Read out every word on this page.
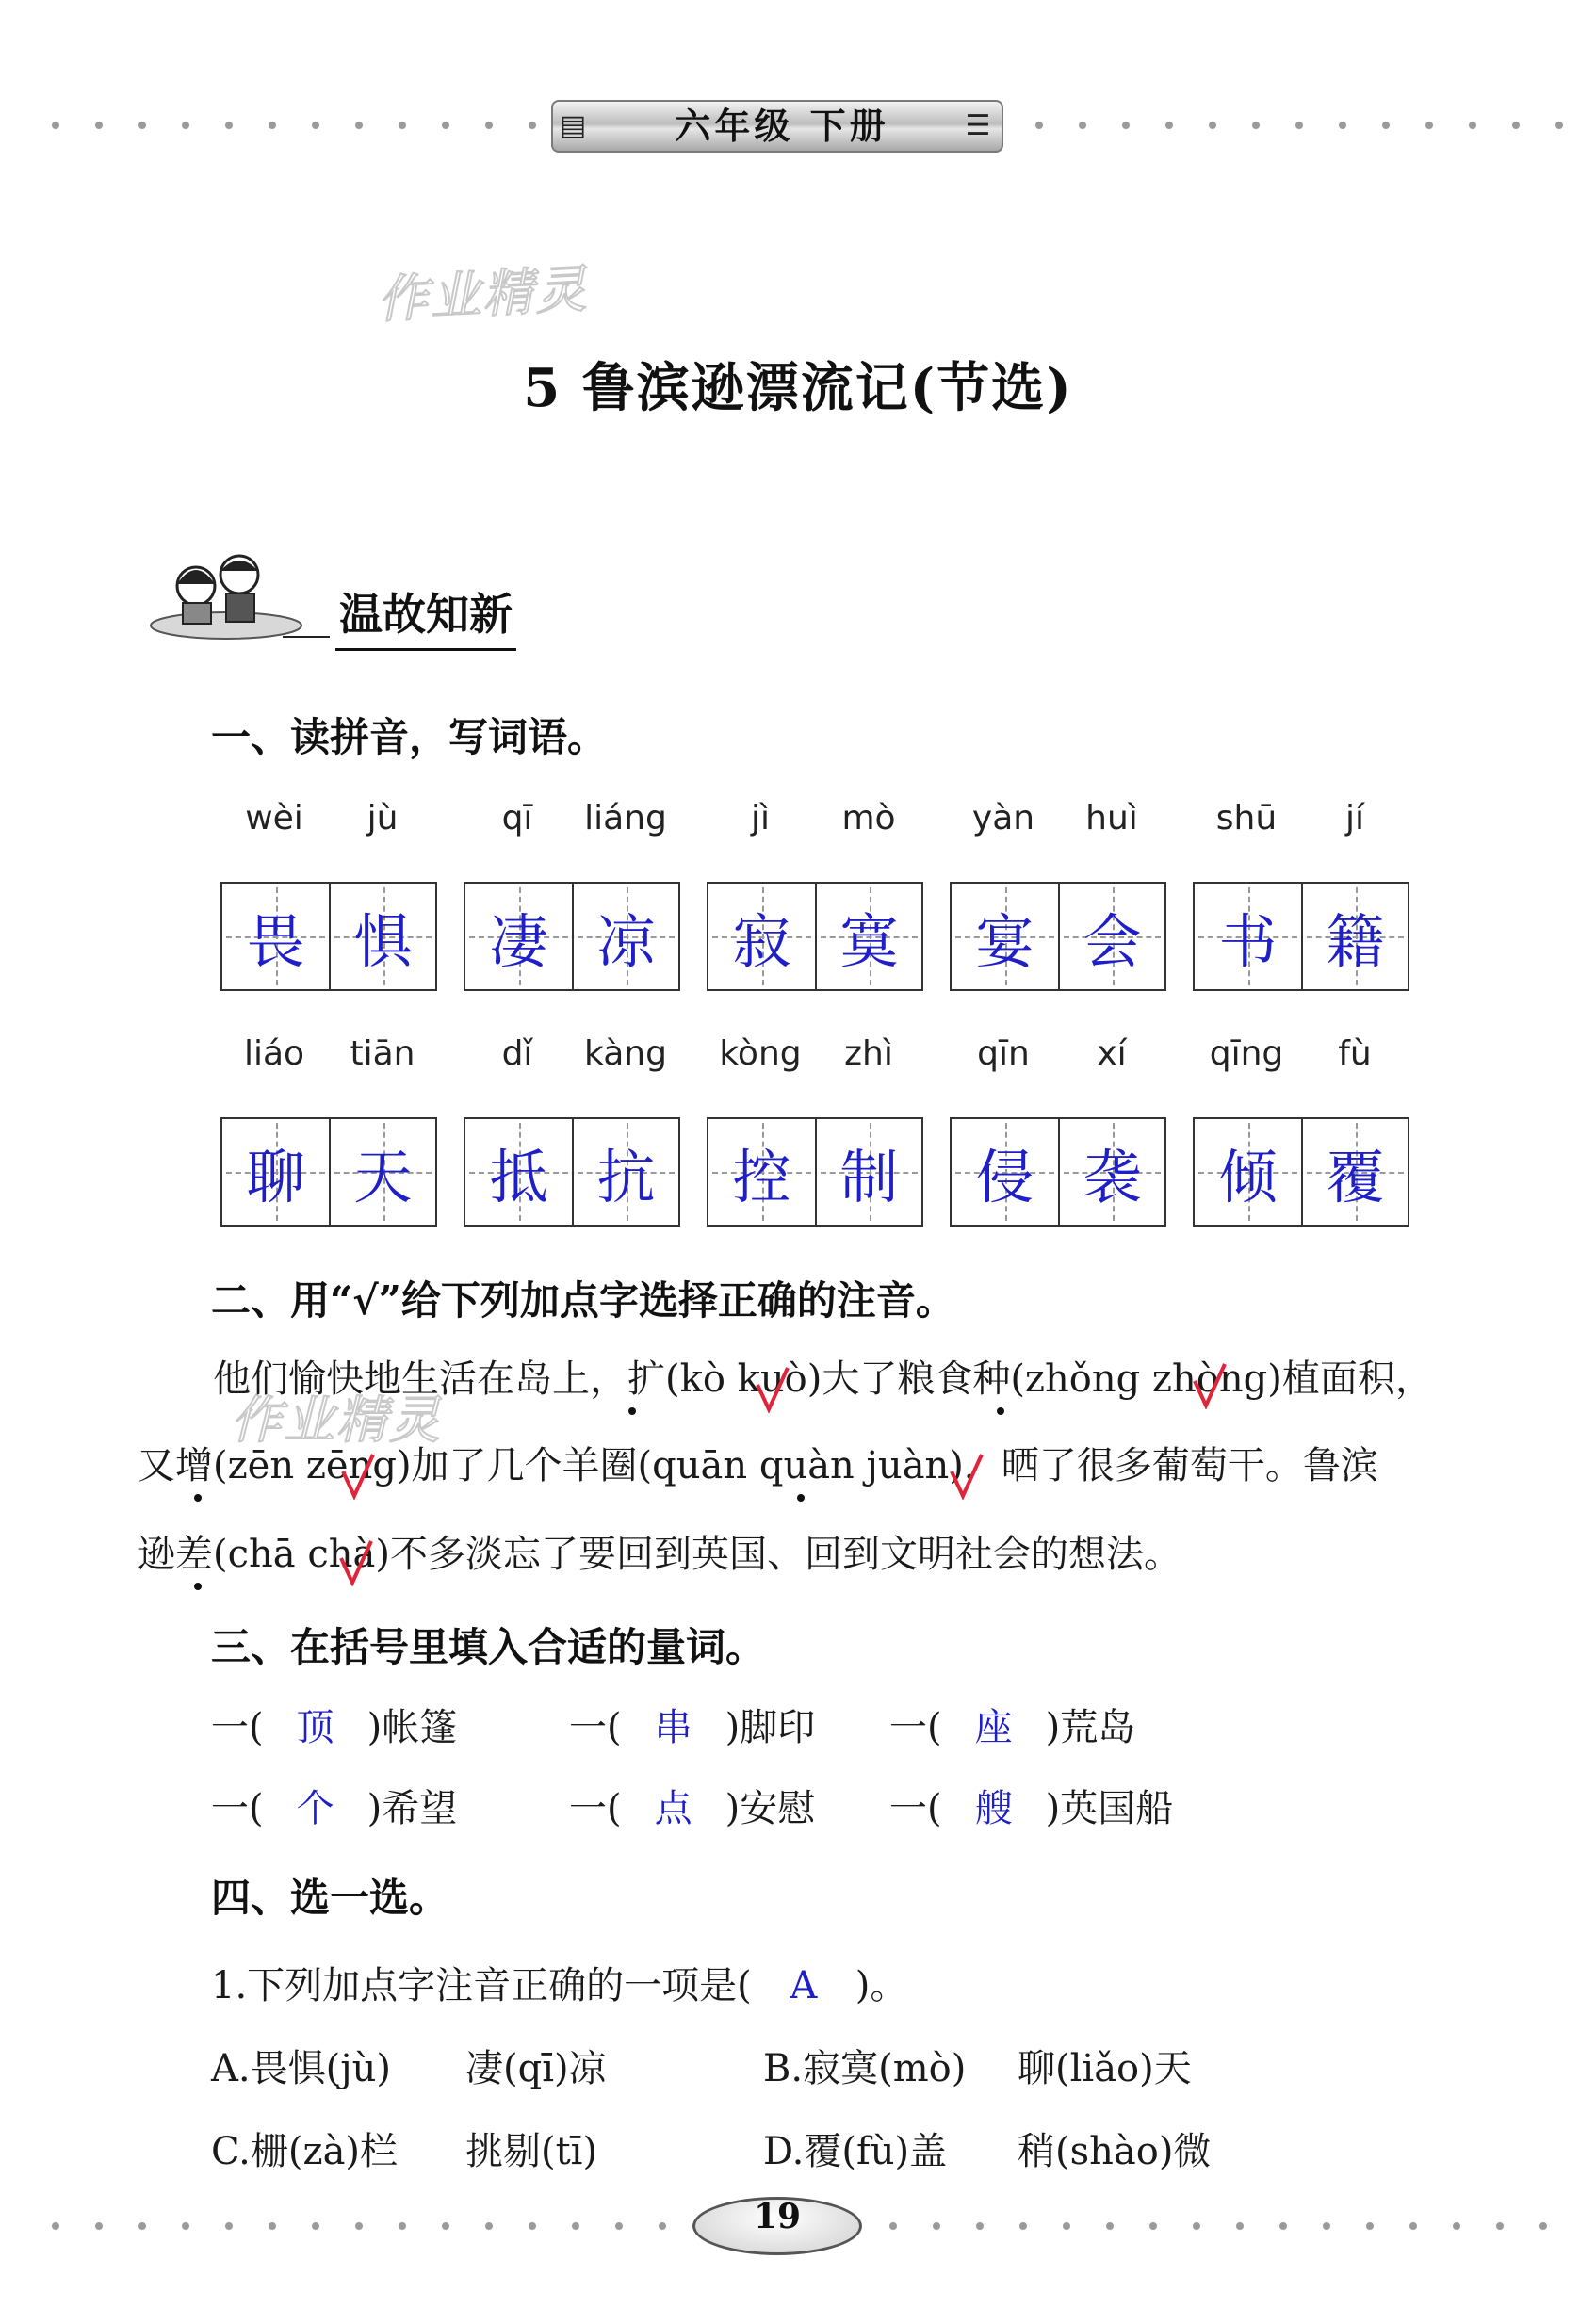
▤	六年级 下册	☰
作业精灵
作业精灵
5 鲁滨逊漂流记(节选)
温故知新
一、读拼音，写词语。
wèi	jù
畏 惧
qī	liáng
凄 凉
jì	mò
寂 寞
yàn	huì
宴 会
shū	jí
书 籍
liáo	tiān
聊 天
dǐ	kàng
抵 抗
kòng	zhì
控 制
qīn	xí
侵 袭
qīng	fù
倾 覆
二、用“√”给下列加点字选择正确的注音。
他们愉快地生活在岛上，扩(kò kuò)大了粮食种(zhǒng zhòng)植面积，
又增(zēn zēng)加了几个羊圈(quān quàn juàn)，晒了很多葡萄干。鲁滨
逊差(chā chà)不多淡忘了要回到英国、回到文明社会的想法。
三、在括号里填入合适的量词。
一( 顶 )帐篷	一( 串 )脚印 一( 座 )荒岛
一( 个 )希望	一( 点 )安慰 一( 艘 )英国船
四、选一选。
1.下列加点字注音正确的一项是( A )。
A.畏惧(jù) 凄(qī)凉	B.寂寞(mò) 聊(liǎo)天
C.栅(zà)栏 挑剔(tī)	D.覆(fù)盖 稍(shào)微
19
